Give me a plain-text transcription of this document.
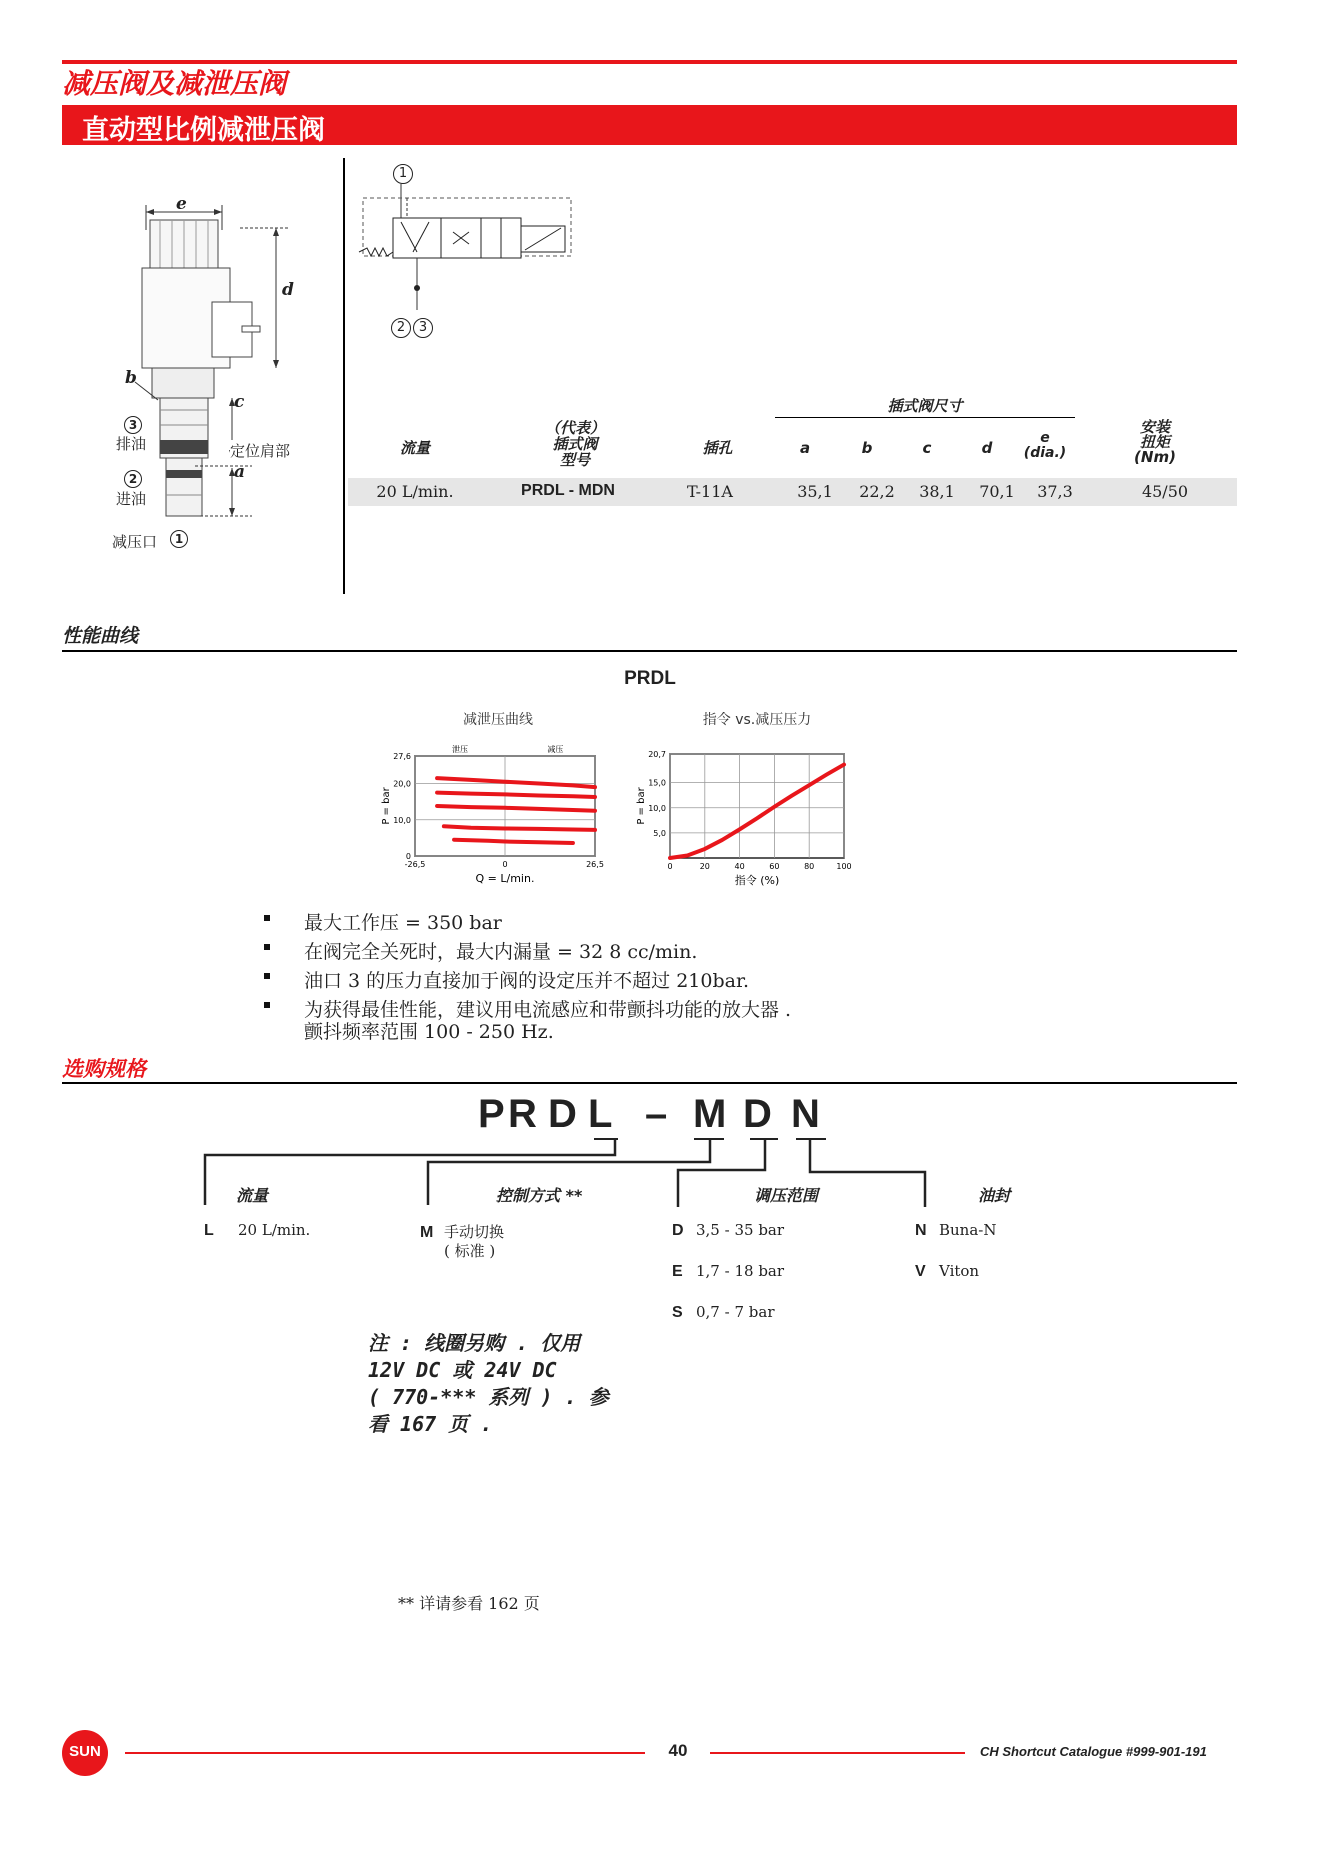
减压阀及减泄压阀
直动型比例减泄压阀
e
d
b
c
a
定位肩部
3
排油
2
进油
减压口	1
1
2	3
插式阀尺寸
流量
（代表）
插式阀
型号
插孔	a	b	c	d
e
(dia.)
安装
扭矩
(Nm)
20 L/min.	PRDL - MDN	T-11A	35,1	22,2	38,1	70,1	37,3	45/50
性能曲线
PRDL
减泄压曲线
0
10,0
20,0
27,6
-26,5	0	26,5
Q = L/min.
P = bar
泄压	减压
指令 vs.减压压力
5,0
10,0
15,0
20,7
0	20	40	60	80	100
指令 (%)
P = bar
最大工作压 = 350 bar
在阀完全关死时，最大内漏量 = 32 8 cc/min.
油口 3 的压力直接加于阀的设定压并不超过 210bar.
为获得最佳性能，建议用电流感应和带颤抖功能的放大器 .
颤抖频率范围 100 - 250 Hz.
选购规格
P R D L – M D N
流量	控制方式 **	调压范围	油封
L 20 L/min.	M 手动切换
( 标准 )
D 3,5 - 35 bar
E 1,7 - 18 bar
S 0,7 - 7 bar
N Buna-N
V Viton
注 : 线圈另购 . 仅用
12V DC 或 24V DC
( 770-*** 系列 ) . 参
看 167 页 .
** 详请参看 162 页
SUN	40	CH Shortcut Catalogue #999-901-191
